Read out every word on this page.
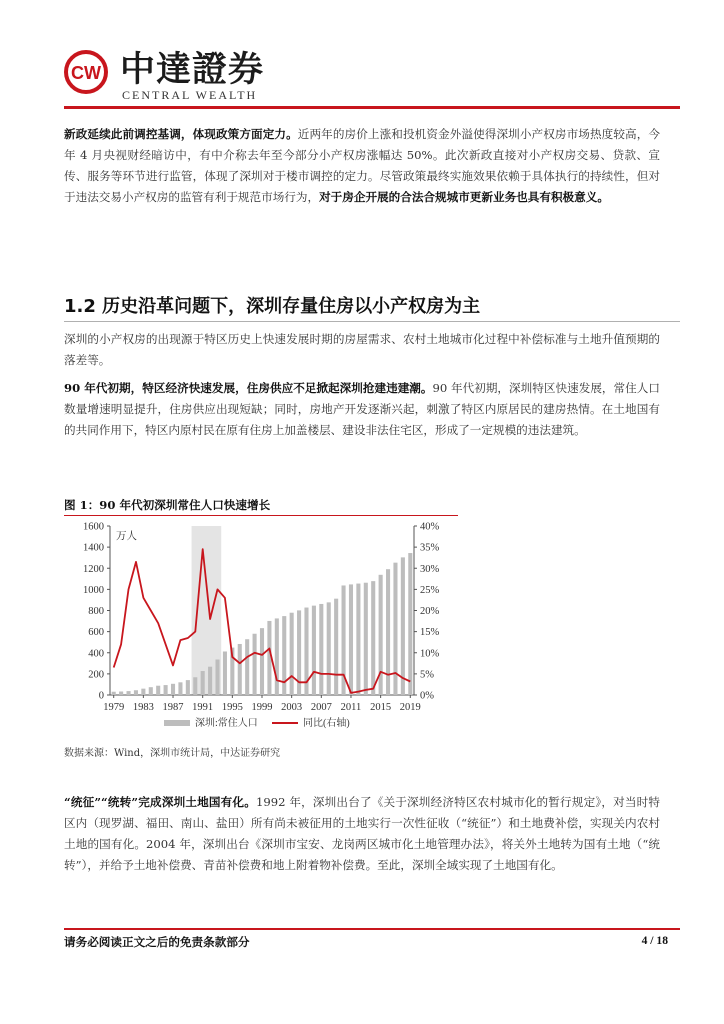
CW 中達證券
CENTRAL WEALTH

新政延续此前调控基调，体现政策方面定力。近两年的房价上涨和投机资金外溢使得深圳小产权房市场热度较高，今年 4 月央视财经暗访中，有中介称去年至今部分小产权房涨幅达 50%。此次新政直接对小产权房交易、贷款、宣传、服务等环节进行监管，体现了深圳对于楼市调控的定力。尽管政策最终实施效果依赖于具体执行的持续性，但对于违法交易小产权房的监管有利于规范市场行为，对于房企开展的合法合规城市更新业务也具有积极意义。

1.2 历史沿革问题下，深圳存量住房以小产权房为主

深圳的小产权房的出现源于特区历史上快速发展时期的房屋需求、农村土地城市化过程中补偿标准与土地升值预期的落差等。

90 年代初期，特区经济快速发展，住房供应不足掀起深圳抢建违建潮。90 年代初期，深圳特区快速发展，常住人口数量增速明显提升，住房供应出现短缺；同时，房地产开发逐渐兴起，刺激了特区内原居民的建房热情。在土地国有的共同作用下，特区内原村民在原有住房上加盖楼层、建设非法住宅区，形成了一定规模的违法建筑。

图 1：90 年代初深圳常住人口快速增长
0
200
400
600
800
1000
1200
1400
1600
0%
5%
10%
15%
20%
25%
30%
35%
40%
万人
1979 1983 1987 1991 1995 1999 2003 2007 2011 2015 2019
深圳:常住人口	同比(右轴)
数据来源：Wind，深圳市统计局，中达证券研究

“统征”“统转”完成深圳土地国有化。1992 年，深圳出台了《关于深圳经济特区农村城市化的暂行规定》，对当时特区内（现罗湖、福田、南山、盐田）所有尚未被征用的土地实行一次性征收（“统征”）和土地费补偿，实现关内农村土地的国有化。2004 年，深圳出台《深圳市宝安、龙岗两区城市化土地管理办法》，将关外土地转为国有土地（“统转”），并给予土地补偿费、青苗补偿费和地上附着物补偿费。至此，深圳全域实现了土地国有化。

请务必阅读正文之后的免责条款部分	4 / 18
